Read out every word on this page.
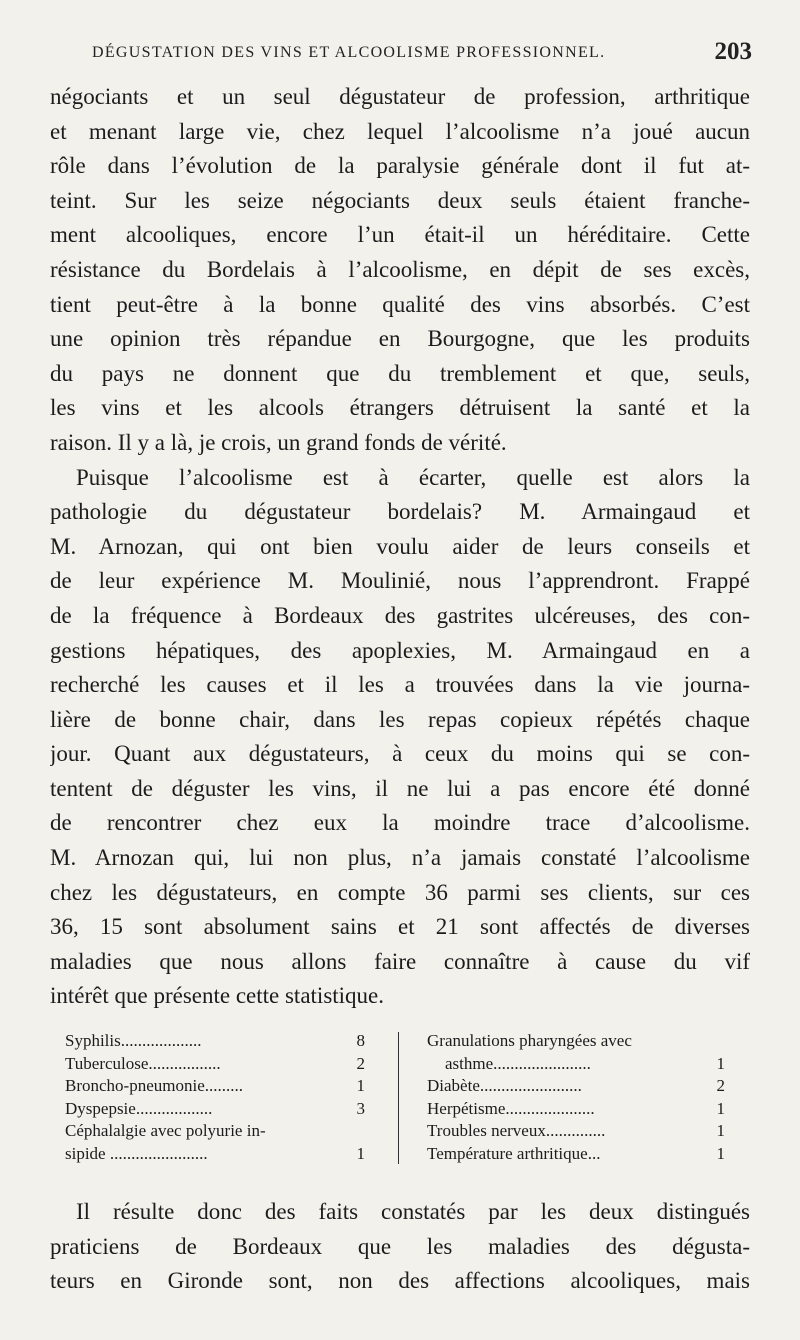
DÉGUSTATION DES VINS ET ALCOOLISME PROFESSIONNEL.	203
négociants et un seul dégustateur de profession, arthritique
et menant large vie, chez lequel l’alcoolisme n’a joué aucun
rôle dans l’évolution de la paralysie générale dont il fut at-
teint. Sur les seize négociants deux seuls étaient franche-
ment alcooliques, encore l’un était-il un héréditaire. Cette
résistance du Bordelais à l’alcoolisme, en dépit de ses excès,
tient peut-être à la bonne qualité des vins absorbés. C’est
une opinion très répandue en Bourgogne, que les produits
du pays ne donnent que du tremblement et que, seuls,
les vins et les alcools étrangers détruisent la santé et la
raison. Il y a là, je crois, un grand fonds de vérité.
Puisque l’alcoolisme est à écarter, quelle est alors la
pathologie du dégustateur bordelais? M. Armaingaud et
M. Arnozan, qui ont bien voulu aider de leurs conseils et
de leur expérience M. Moulinié, nous l’apprendront. Frappé
de la fréquence à Bordeaux des gastrites ulcéreuses, des con-
gestions hépatiques, des apoplexies, M. Armaingaud en a
recherché les causes et il les a trouvées dans la vie journa-
lière de bonne chair, dans les repas copieux répétés chaque
jour. Quant aux dégustateurs, à ceux du moins qui se con-
tentent de déguster les vins, il ne lui a pas encore été donné
de rencontrer chez eux la moindre trace d’alcoolisme.
M. Arnozan qui, lui non plus, n’a jamais constaté l’alcoolisme
chez les dégustateurs, en compte 36 parmi ses clients, sur ces
36, 15 sont absolument sains et 21 sont affectés de diverses
maladies que nous allons faire connaître à cause du vif
intérêt que présente cette statistique.
Syphilis...................	8
Tuberculose.................	2
Broncho-pneumonie.........	1
Dyspepsie..................	3
Céphalalgie avec polyurie in-
sipide .......................	1
Granulations pharyngées avec
asthme.......................	1
Diabète........................	2
Herpétisme.....................	1
Troubles nerveux..............	1
Température arthritique...	1
Il résulte donc des faits constatés par les deux distingués
praticiens de Bordeaux que les maladies des dégusta-
teurs en Gironde sont, non des affections alcooliques, mais
